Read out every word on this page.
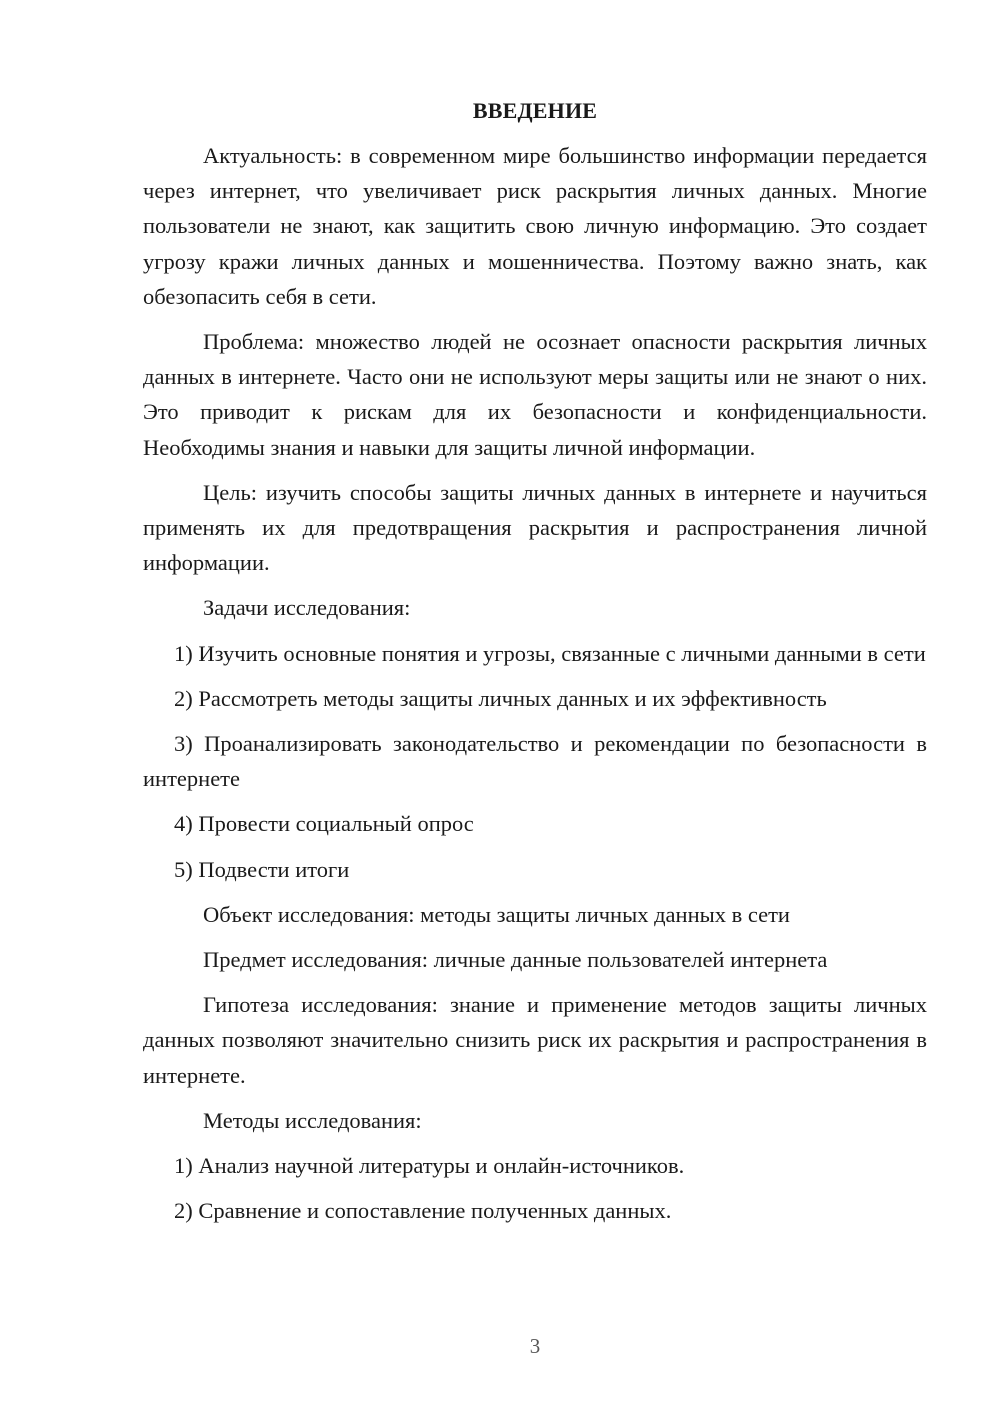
ВВЕДЕНИЕ

Актуальность: в современном мире большинство информации передается через интернет, что увеличивает риск раскрытия личных данных. Многие пользователи не знают, как защитить свою личную информацию. Это создает угрозу кражи личных данных и мошенничества. Поэтому важно знать, как обезопасить себя в сети.

Проблема: множество людей не осознает опасности раскрытия личных данных в интернете. Часто они не используют меры защиты или не знают о них. Это приводит к рискам для их безопасности и конфиденциальности. Необходимы знания и навыки для защиты личной информации.

Цель: изучить способы защиты личных данных в интернете и научиться применять их для предотвращения раскрытия и распространения личной информации.

Задачи исследования:

1) Изучить основные понятия и угрозы, связанные с личными данными в сети

2) Рассмотреть методы защиты личных данных и их эффективность

3) Проанализировать законодательство и рекомендации по безопасности в интернете

4) Провести социальный опрос

5) Подвести итоги

Объект исследования: методы защиты личных данных в сети

Предмет исследования: личные данные пользователей интернета

Гипотеза исследования: знание и применение методов защиты личных данных позволяют значительно снизить риск их раскрытия и распространения в интернете.

Методы исследования:

1) Анализ научной литературы и онлайн-источников.

2) Сравнение и сопоставление полученных данных.

3
